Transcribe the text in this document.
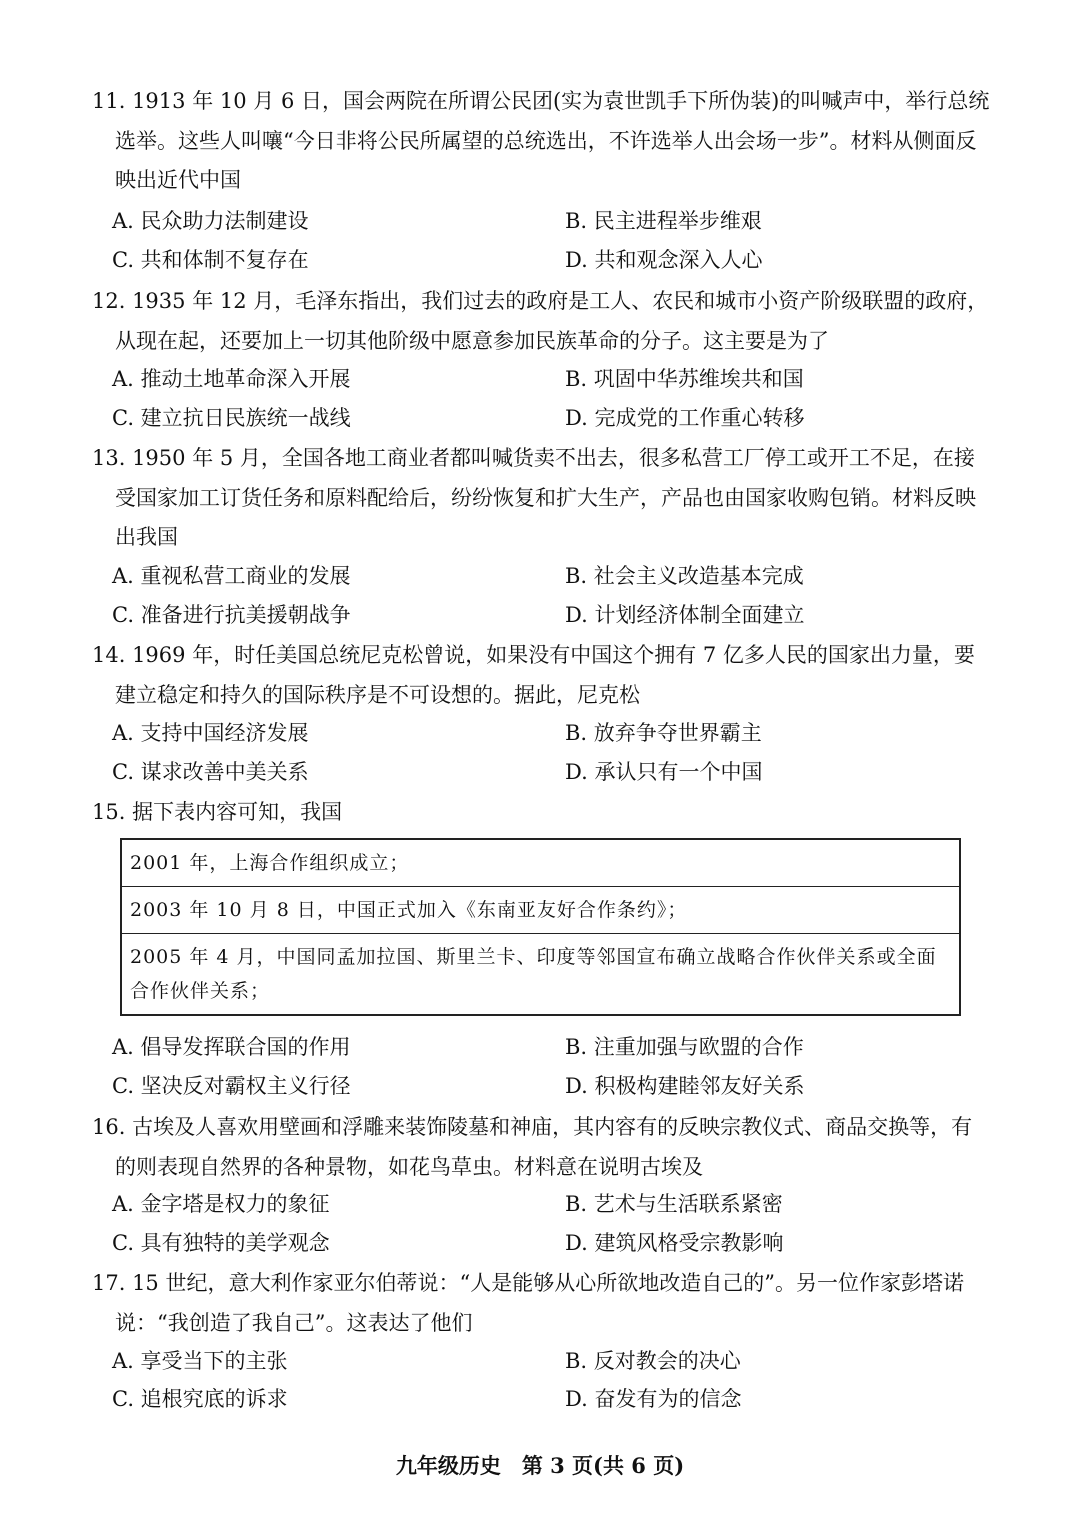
11. 1913 年 10 月 6 日，国会两院在所谓公民团(实为袁世凯手下所伪装)的叫喊声中，举行总统选举。这些人叫嚷“今日非将公民所属望的总统选出，不许选举人出会场一步”。材料从侧面反映出近代中国

A. 民众助力法制建设	B. 民主进程举步维艰
C. 共和体制不复存在	D. 共和观念深入人心

12. 1935 年 12 月，毛泽东指出，我们过去的政府是工人、农民和城市小资产阶级联盟的政府，从现在起，还要加上一切其他阶级中愿意参加民族革命的分子。这主要是为了

A. 推动土地革命深入开展	B. 巩固中华苏维埃共和国
C. 建立抗日民族统一战线	D. 完成党的工作重心转移

13. 1950 年 5 月，全国各地工商业者都叫喊货卖不出去，很多私营工厂停工或开工不足，在接受国家加工订货任务和原料配给后，纷纷恢复和扩大生产，产品也由国家收购包销。材料反映出我国

A. 重视私营工商业的发展	B. 社会主义改造基本完成
C. 准备进行抗美援朝战争	D. 计划经济体制全面建立

14. 1969 年，时任美国总统尼克松曾说，如果没有中国这个拥有 7 亿多人民的国家出力量，要建立稳定和持久的国际秩序是不可设想的。据此，尼克松

A. 支持中国经济发展	B. 放弃争夺世界霸主
C. 谋求改善中美关系	D. 承认只有一个中国

15. 据下表内容可知，我国

2001 年，上海合作组织成立；
2003 年 10 月 8 日，中国正式加入《东南亚友好合作条约》；
2005 年 4 月，中国同孟加拉国、斯里兰卡、印度等邻国宣布确立战略合作伙伴关系或全面合作伙伴关系；
A. 倡导发挥联合国的作用	B. 注重加强与欧盟的合作
C. 坚决反对霸权主义行径	D. 积极构建睦邻友好关系

16. 古埃及人喜欢用壁画和浮雕来装饰陵墓和神庙，其内容有的反映宗教仪式、商品交换等，有的则表现自然界的各种景物，如花鸟草虫。材料意在说明古埃及

A. 金字塔是权力的象征	B. 艺术与生活联系紧密
C. 具有独特的美学观念	D. 建筑风格受宗教影响

17. 15 世纪，意大利作家亚尔伯蒂说：“人是能够从心所欲地改造自己的”。另一位作家彭塔诺说：“我创造了我自己”。这表达了他们

A. 享受当下的主张	B. 反对教会的决心
C. 追根究底的诉求	D. 奋发有为的信念
九年级历史　第 3 页(共 6 页)
